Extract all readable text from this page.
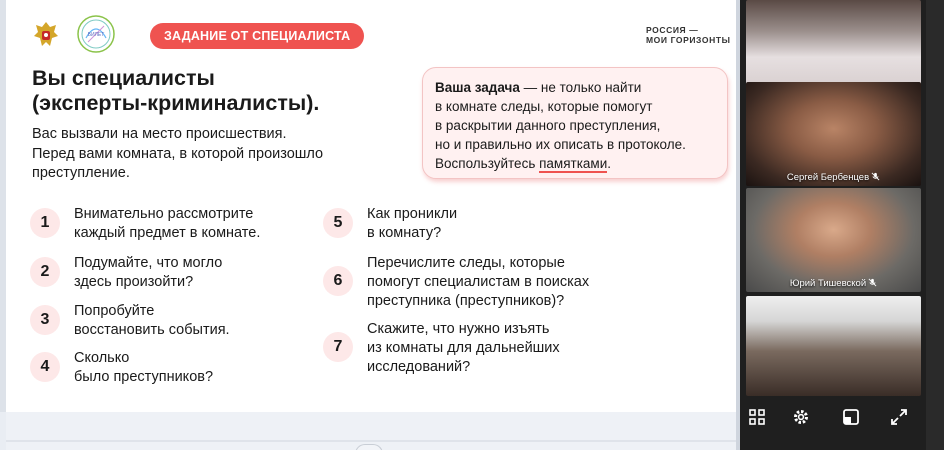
БИЛЕТ	ЗАДАНИЕ ОТ СПЕЦИАЛИСТА	РОССИЯ —
МОИ ГОРИЗОНТЫ
Вы специалисты
(эксперты-криминалисты).
Вас вызвали на место происшествия.
Перед вами комната, в которой произошло
преступление.
Ваша задача — не только найти
в комнате следы, которые помогут
в раскрытии данного преступления,
но и правильно их описать в протоколе.
Воспользуйтесь памятками.
1	Внимательно рассмотрите
каждый предмет в комнате.
2	Подумайте, что могло
здесь произойти?
3	Попробуйте
восстановить события.
4	Сколько
было преступников?
5	Как проникли
в комнату?
6
Перечислите следы, которые
помогут специалистам в поисках
преступника (преступников)?
7
Скажите, что нужно изъять
из комнаты для дальнейших
исследований?
Сергей Бербенцев
Юрий Тишевской
